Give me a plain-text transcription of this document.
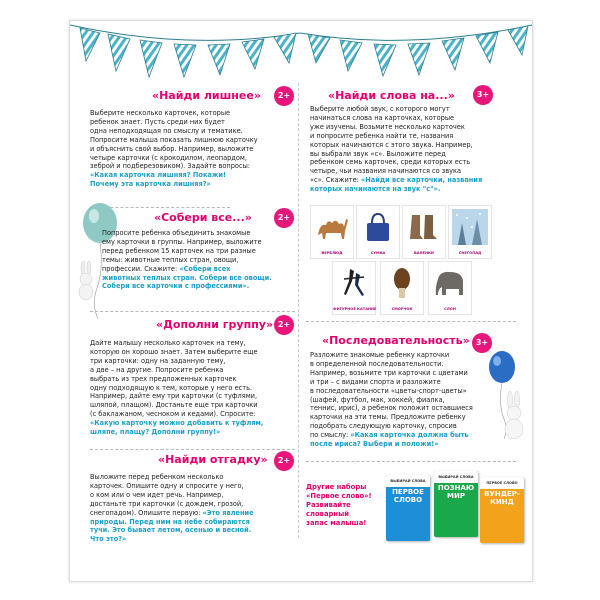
«Найди лишнее»	2+
Выберите несколько карточек, которые
ребенок знает. Пусть среди них будет
одна неподходящая по смыслу и тематике.
Попросите малыша показать лишнюю карточку
и объяснить свой выбор. Например, выложите
четыре карточки (с крокодилом, леопардом,
зеброй и подберезовиком). Задайте вопросы:
«Какая карточка лишняя? Покажи!
Почему эта карточка лишняя?»
«Собери все...»	2+
Попросите ребенка объединить знакомые
ему карточки в группы. Например, выложите
перед ребенком 15 карточек на три разные
темы: животные теплых стран, овощи,
профессии. Скажите: «Собери всех
животных теплых стран. Собери все овощи.
Собери все карточки с профессиями».
«Дополни группу» 2+
Дайте малышу несколько карточек на тему,
которую он хорошо знает. Затем выберите еще
три карточки: одну на заданную тему,
а две – на другие. Попросите ребенка
выбрать из трех предложенных карточек
одну подходящую к тем, которые у него есть.
Например, дайте ему три карточки (с туфлями,
шляпой, плащом). Достаньте еще три карточки
(с баклажаном, чесноком и кедами). Спросите:
«Какую карточку можно добавить к туфлям,
шляпе, плащу? Дополни группу!»
«Найди отгадку»	2+
Выложите перед ребенком несколько
карточек. Опишите одну и спросите у него,
о ком или о чем идет речь. Например,
достаньте три карточки (с дождем, грозой,
снегопадом). Опишите первую: «Это явление
природы. Перед ним на небе собираются
тучи. Это бывает летом, осенью и весной.
Что это?»
«Найди слова на...»	3+
Выберите любой звук, с которого могут
начинаться слова на карточках, которые
уже изучены. Возьмите несколько карточек
и попросите ребенка найти те, названия
которых начинаются с этого звука. Например,
вы выбрали звук «с». Выложите перед
ребенком семь карточек, среди которых есть
четыре, чьи названия начинаются со звука
«с». Скажите: «Найди все карточки, названия
которых начинаются на звук "с"».
ВЕРБЛЮД	СУМКА	ВАЛЕНКИ	СНЕГОПАД
ФИГУРНОЕ КАТАНИЕ	СМОРЧОК	СЛОН
«Последовательность» 3+
Разложите знакомые ребенку карточки
в определенной последовательности.
Например, возьмите три карточки с цветами
и три – с видами спорта и разложите
в последовательности «цветы-спорт-цветы»
(шафей, футбол, мак, хоккей, фиалка,
теннис, ирис), а ребенок положит оставшиеся
карточки на эти темы. Предложите ребенку
подобрать следующую карточку, спросив
по смыслу: «Какая карточка должна быть
после ириса? Выбери и положи!»
Другие наборы
«Первое слово»!
Развивайте
словарный
запас малыша!
ВЫБИРАЙ СЛОВА
ПЕРВОЕ СЛОВО
ВЫБИРАЙ СЛОВА
ПОЗНАЮ МИР
ПЕРВОЕ СЛОВО
ВУНДЕР-КИНД
